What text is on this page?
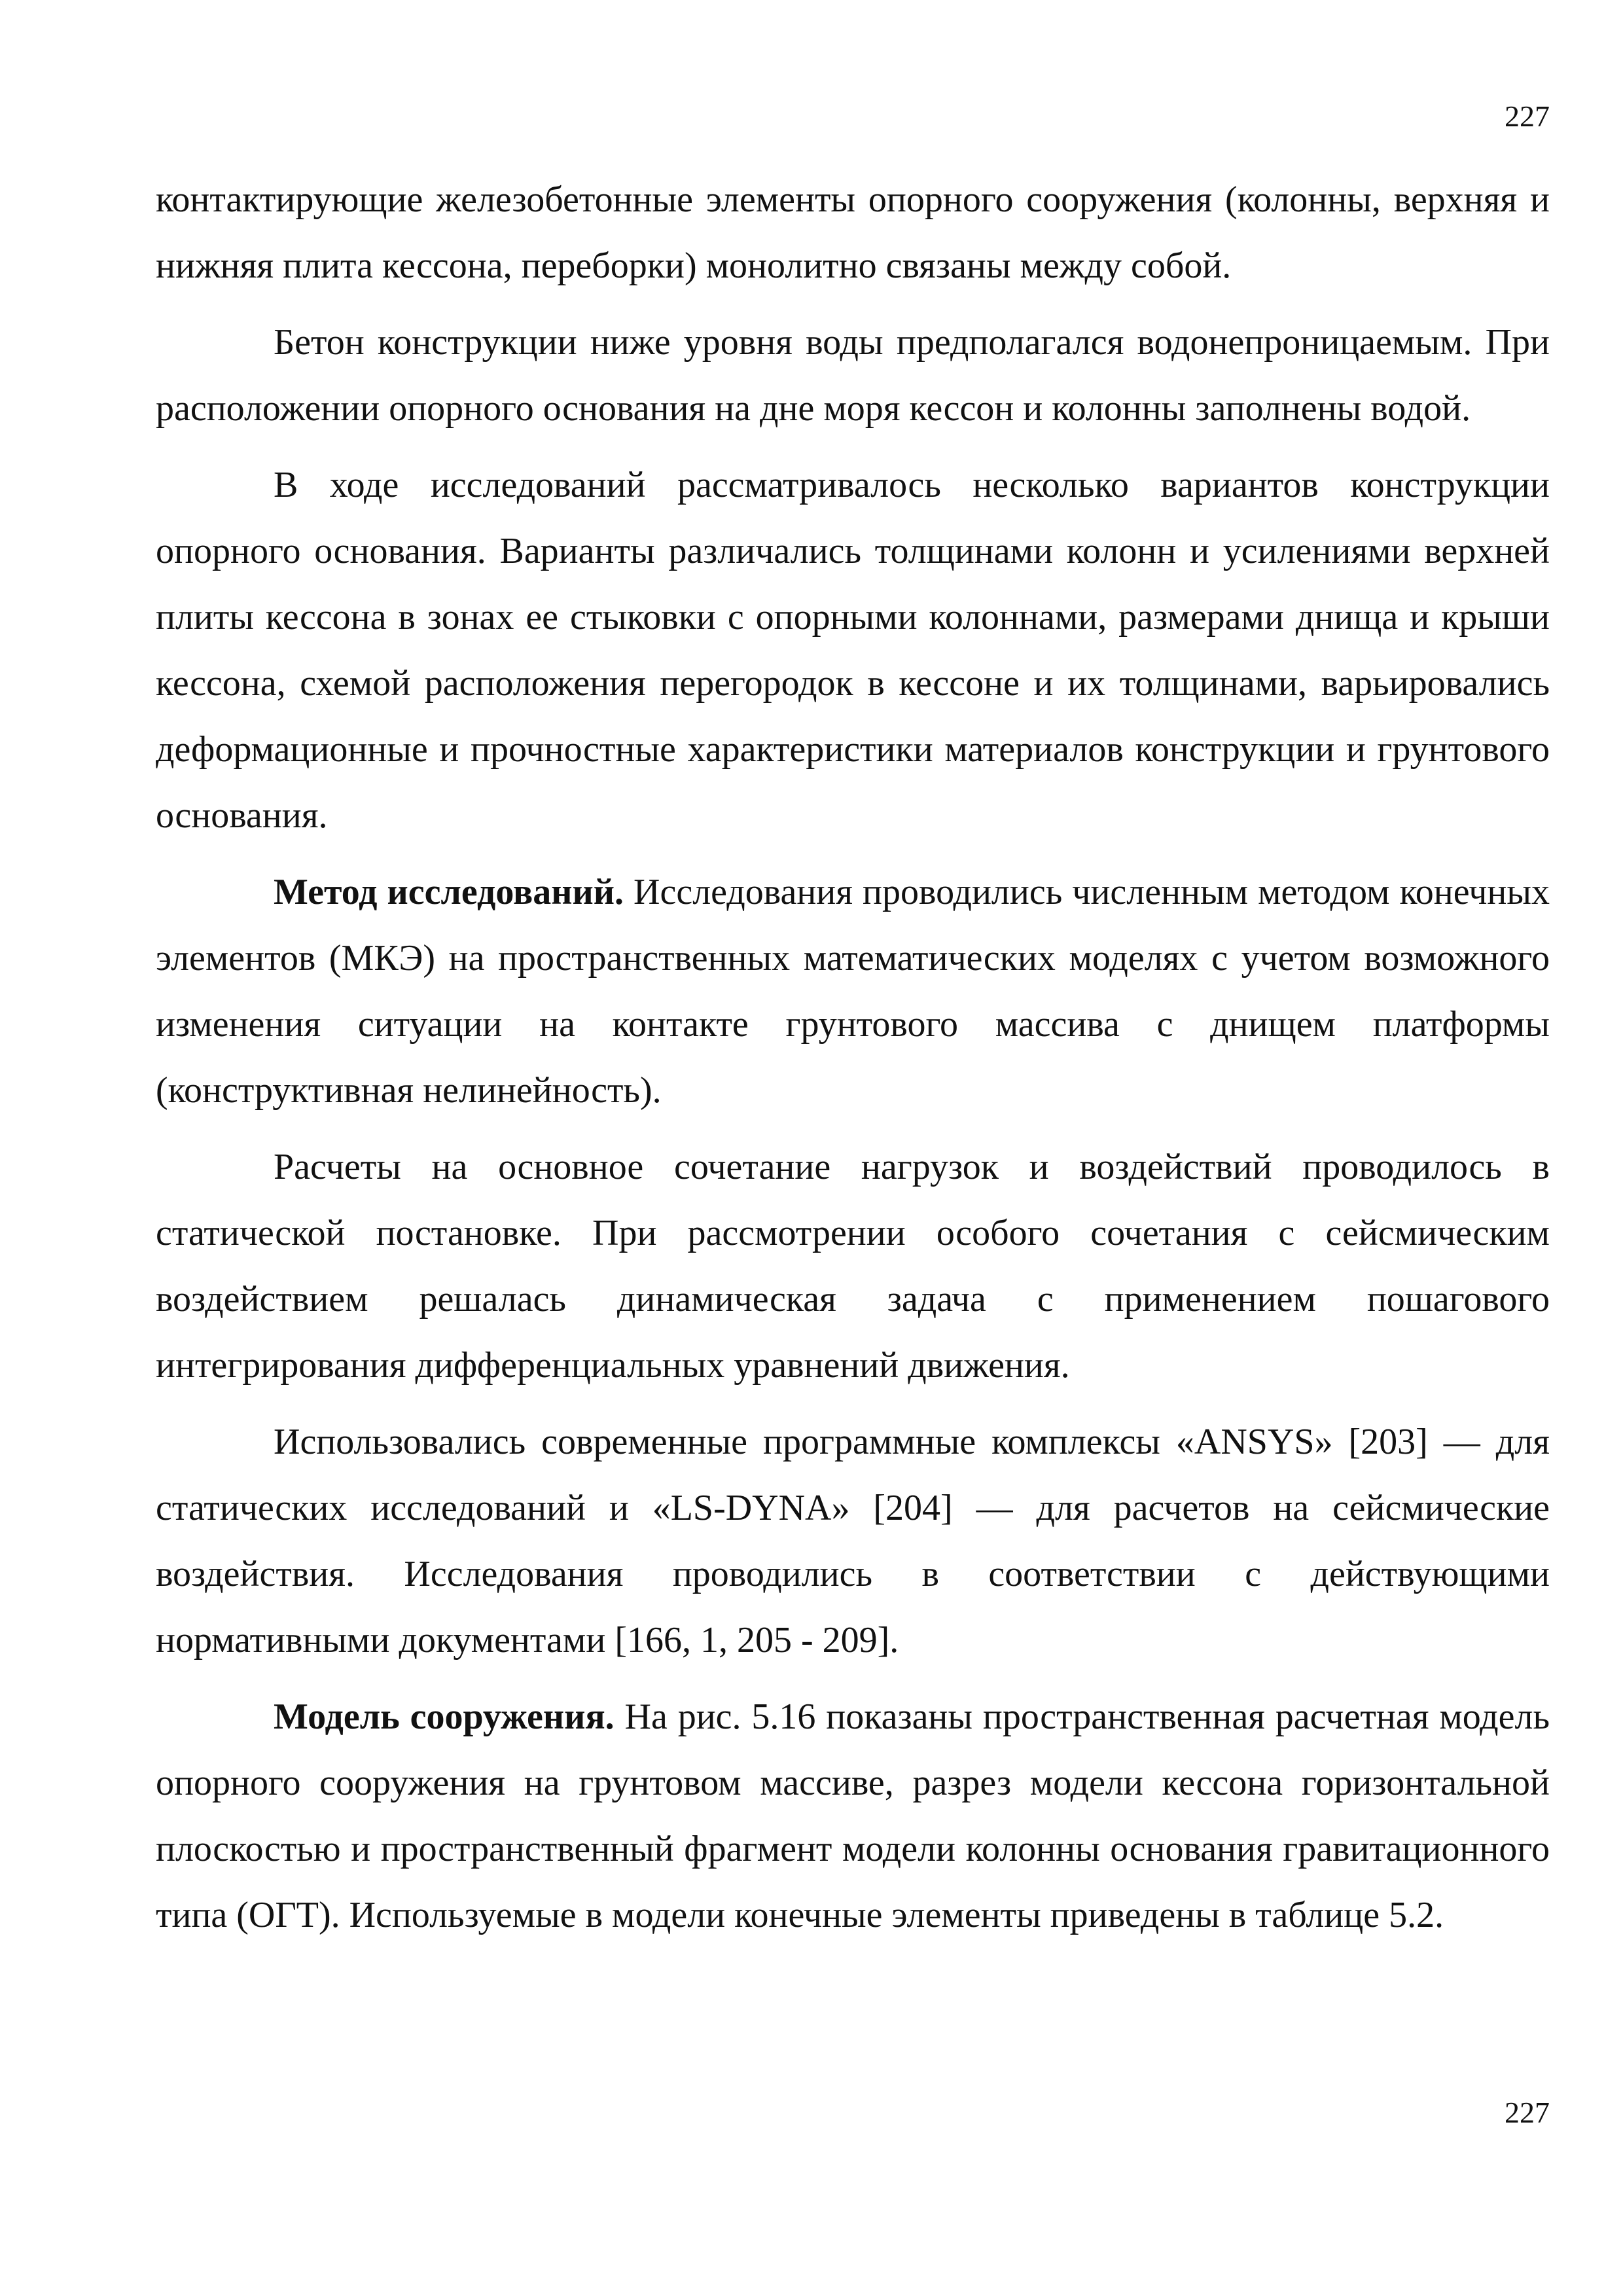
227

контактирующие железобетонные элементы опорного сооружения (колонны, верхняя и нижняя плита кессона, переборки) монолитно связаны между собой.

Бетон конструкции ниже уровня воды предполагался водонепроницаемым. При расположении опорного основания на дне моря кессон и колонны заполнены водой.

В ходе исследований рассматривалось несколько вариантов конструкции опорного основания. Варианты различались толщинами колонн и усилениями верхней плиты кессона в зонах ее стыковки с опорными колоннами, размерами днища и крыши кессона, схемой расположения перегородок в кессоне и их толщинами, варьировались деформационные и прочностные характеристики материалов конструкции и грунтового основания.

Метод исследований. Исследования проводились численным методом конечных элементов (МКЭ) на пространственных математических моделях с учетом возможного изменения ситуации на контакте грунтового массива с днищем платформы (конструктивная нелинейность).

Расчеты на основное сочетание нагрузок и воздействий проводилось в статической постановке. При рассмотрении особого сочетания с сейсмическим воздействием решалась динамическая задача с применением пошагового интегрирования дифференциальных уравнений движения.

Использовались современные программные комплексы «ANSYS» [203] — для статических исследований и «LS-DYNA» [204] — для расчетов на сейсмические воздействия. Исследования проводились в соответствии с действующими нормативными документами [166, 1, 205 - 209].

Модель сооружения. На рис. 5.16 показаны пространственная расчетная модель опорного сооружения на грунтовом массиве, разрез модели кессона горизонтальной плоскостью и пространственный фрагмент модели колонны основания гравитационного типа (ОГТ). Используемые в модели конечные элементы приведены в таблице 5.2.

227
